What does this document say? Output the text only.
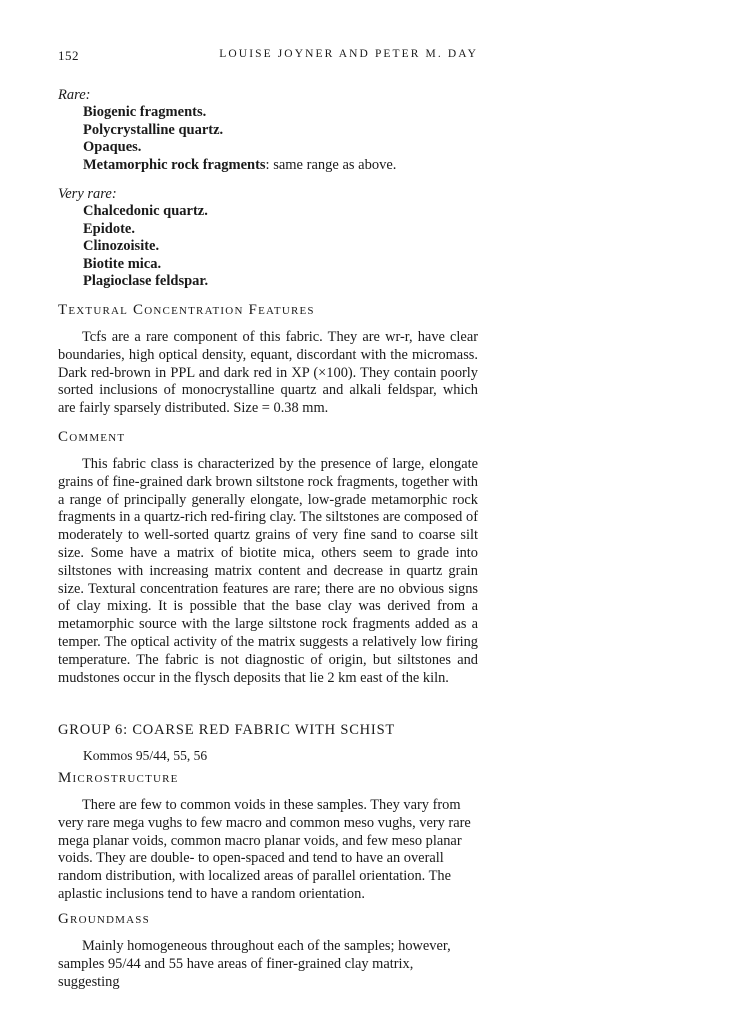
152	LOUISE JOYNER AND PETER M. DAY
Rare:
Biogenic fragments.
Polycrystalline quartz.
Opaques.
Metamorphic rock fragments: same range as above.
Very rare:
Chalcedonic quartz.
Epidote.
Clinozoisite.
Biotite mica.
Plagioclase feldspar.
Textural Concentration Features

Tcfs are a rare component of this fabric. They are wr-r, have clear boundaries, high optical density, equant, discordant with the micromass. Dark red-brown in PPL and dark red in XP (×100). They contain poorly sorted inclusions of monocrystalline quartz and alkali feldspar, which are fairly sparsely distributed. Size = 0.38 mm.

Comment

This fabric class is characterized by the presence of large, elongate grains of fine-grained dark brown siltstone rock fragments, together with a range of principally generally elongate, low-grade metamorphic rock fragments in a quartz-rich red-firing clay. The siltstones are composed of moderately to well-sorted quartz grains of very fine sand to coarse silt size. Some have a matrix of biotite mica, others seem to grade into siltstones with increasing matrix content and decrease in quartz grain size. Textural concentration features are rare; there are no obvious signs of clay mixing. It is possible that the base clay was derived from a metamorphic source with the large siltstone rock fragments added as a temper. The optical activity of the matrix suggests a relatively low firing temperature. The fabric is not diagnostic of origin, but siltstones and mudstones occur in the flysch deposits that lie 2 km east of the kiln.

GROUP 6: COARSE RED FABRIC WITH SCHIST
Kommos 95/44, 55, 56
Microstructure

There are few to common voids in these samples. They vary from very rare mega vughs to few macro and common meso vughs, very rare mega planar voids, common macro planar voids, and few meso planar voids. They are double- to open-spaced and tend to have an overall random distribution, with localized areas of parallel orientation. The aplastic inclusions tend to have a random orientation.

Groundmass

Mainly homogeneous throughout each of the samples; however, samples 95/44 and 55 have areas of finer-grained clay matrix, suggesting
